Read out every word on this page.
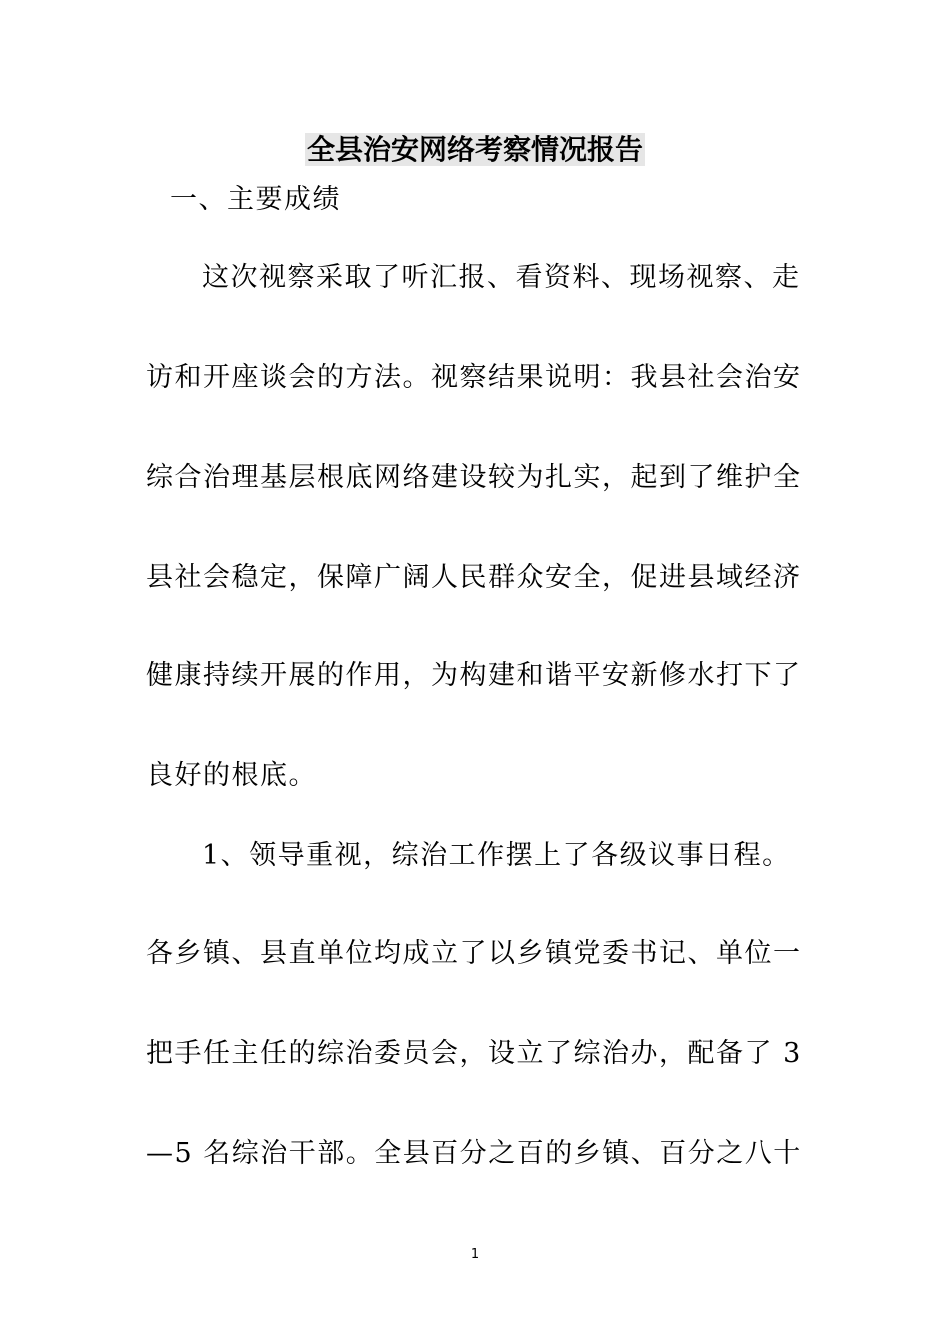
全县治安网络考察情况报告
一、主要成绩
这次视察采取了听汇报、看资料、现场视察、走
访和开座谈会的方法。视察结果说明：我县社会治安
综合治理基层根底网络建设较为扎实，起到了维护全
县社会稳定，保障广阔人民群众安全，促进县域经济
健康持续开展的作用，为构建和谐平安新修水打下了
良好的根底。
1、领导重视，综治工作摆上了各级议事日程。
各乡镇、县直单位均成立了以乡镇党委书记、单位一
把手任主任的综治委员会，设立了综治办，配备了 3
—5 名综治干部。全县百分之百的乡镇、百分之八十
1
